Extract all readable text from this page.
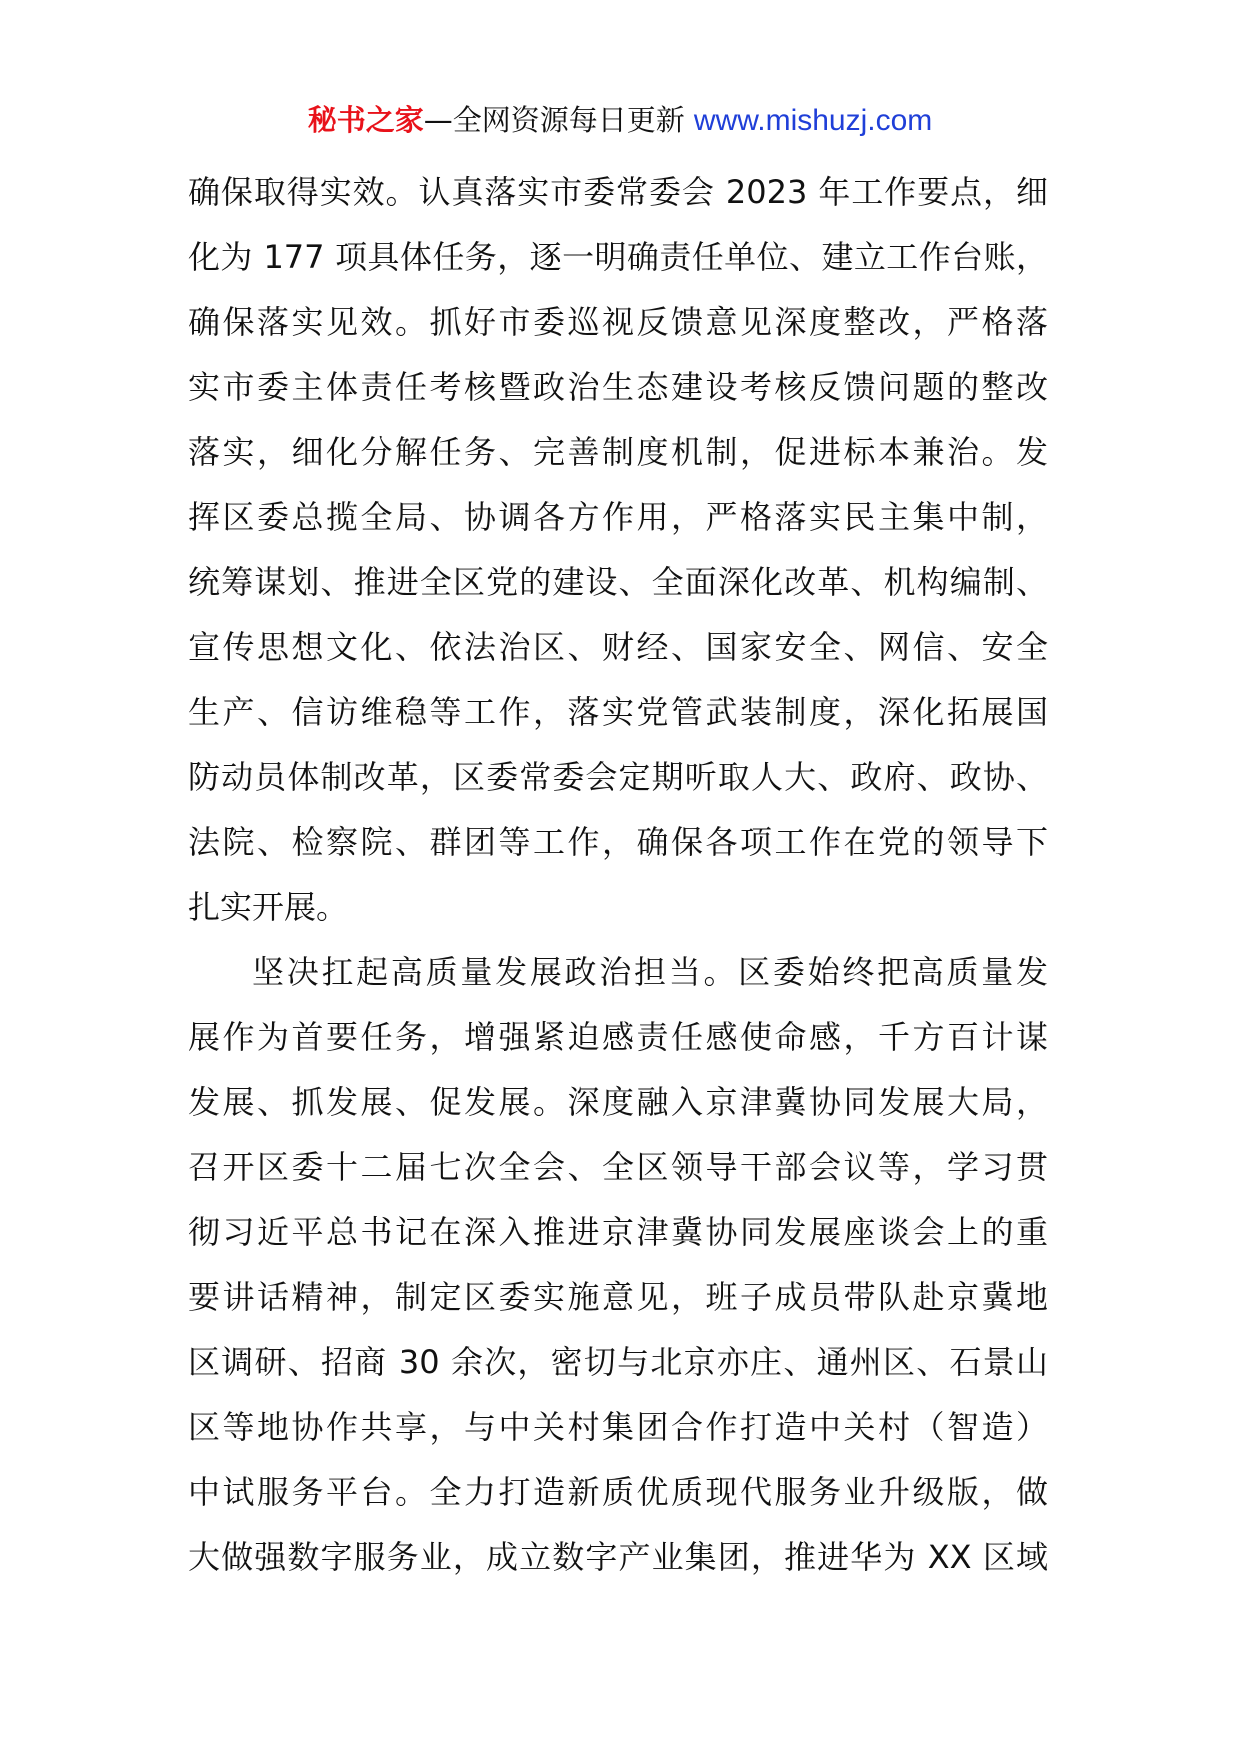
秘书之家—全网资源每日更新 www.mishuzj.com
确保取得实效。认真落实市委常委会 2023 年工作要点，细
化为 177 项具体任务，逐一明确责任单位、建立工作台账，
确保落实见效。抓好市委巡视反馈意见深度整改，严格落
实市委主体责任考核暨政治生态建设考核反馈问题的整改
落实，细化分解任务、完善制度机制，促进标本兼治。发
挥区委总揽全局、协调各方作用，严格落实民主集中制，
统筹谋划、推进全区党的建设、全面深化改革、机构编制、
宣传思想文化、依法治区、财经、国家安全、网信、安全
生产、信访维稳等工作，落实党管武装制度，深化拓展国
防动员体制改革，区委常委会定期听取人大、政府、政协、
法院、检察院、群团等工作，确保各项工作在党的领导下
扎实开展。
坚决扛起高质量发展政治担当。区委始终把高质量发
展作为首要任务，增强紧迫感责任感使命感，千方百计谋
发展、抓发展、促发展。深度融入京津冀协同发展大局，
召开区委十二届七次全会、全区领导干部会议等，学习贯
彻习近平总书记在深入推进京津冀协同发展座谈会上的重
要讲话精神，制定区委实施意见，班子成员带队赴京冀地
区调研、招商 30 余次，密切与北京亦庄、通州区、石景山
区等地协作共享，与中关村集团合作打造中关村（智造）
中试服务平台。全力打造新质优质现代服务业升级版，做
大做强数字服务业，成立数字产业集团，推进华为 XX 区域
